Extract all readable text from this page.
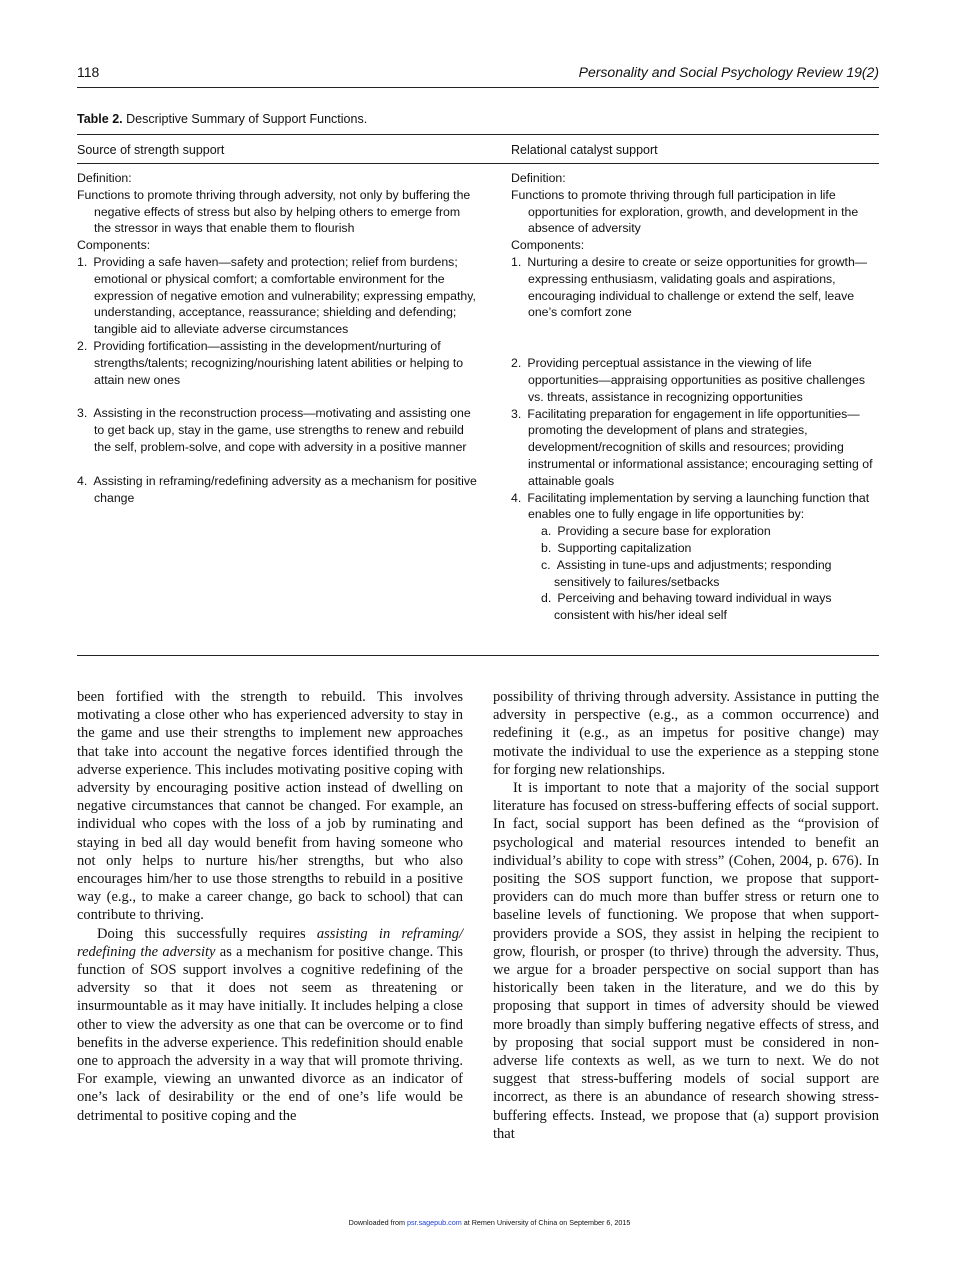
118	Personality and Social Psychology Review 19(2)
Table 2. Descriptive Summary of Support Functions.
Source of strength support	Relational catalyst support
Definition:
Functions to promote thriving through adversity, not only by buffering the negative effects of stress but also by helping others to emerge from the stressor in ways that enable them to flourish
Components:
1. Providing a safe haven—safety and protection; relief from burdens; emotional or physical comfort; a comfortable environment for the expression of negative emotion and vulnerability; expressing empathy, understanding, acceptance, reassurance; shielding and defending; tangible aid to alleviate adverse circumstances
2. Providing fortification—assisting in the development/nurturing of strengths/talents; recognizing/nourishing latent abilities or helping to attain new ones
3. Assisting in the reconstruction process—motivating and assisting one to get back up, stay in the game, use strengths to renew and rebuild the self, problem-solve, and cope with adversity in a positive manner
4. Assisting in reframing/redefining adversity as a mechanism for positive change
Definition:
Functions to promote thriving through full participation in life opportunities for exploration, growth, and development in the absence of adversity
Components:
1. Nurturing a desire to create or seize opportunities for growth—expressing enthusiasm, validating goals and aspirations, encouraging individual to challenge or extend the self, leave one’s comfort zone
2. Providing perceptual assistance in the viewing of life opportunities—appraising opportunities as positive challenges vs. threats, assistance in recognizing opportunities
3. Facilitating preparation for engagement in life opportunities—promoting the development of plans and strategies, development/recognition of skills and resources; providing instrumental or informational assistance; encouraging setting of attainable goals
4. Facilitating implementation by serving a launching function that enables one to fully engage in life opportunities by:
a. Providing a secure base for exploration
b. Supporting capitalization
c. Assisting in tune-ups and adjustments; responding sensitively to failures/setbacks
d. Perceiving and behaving toward individual in ways consistent with his/her ideal self

been fortified with the strength to rebuild. This involves motivating a close other who has experienced adversity to stay in the game and use their strengths to implement new approaches that take into account the negative forces identified through the adverse experience. This includes motivating positive coping with adversity by encouraging positive action instead of dwelling on negative circumstances that cannot be changed. For example, an individual who copes with the loss of a job by ruminating and staying in bed all day would benefit from having someone who not only helps to nurture his/her strengths, but who also encourages him/her to use those strengths to rebuild in a positive way (e.g., to make a career change, go back to school) that can contribute to thriving.

Doing this successfully requires assisting in reframing/ redefining the adversity as a mechanism for positive change. This function of SOS support involves a cognitive redefining of the adversity so that it does not seem as threatening or insurmountable as it may have initially. It includes helping a close other to view the adversity as one that can be overcome or to find benefits in the adverse experience. This redefinition should enable one to approach the adversity in a way that will promote thriving. For example, viewing an unwanted divorce as an indicator of one’s lack of desirability or the end of one’s life would be detrimental to positive coping and the

possibility of thriving through adversity. Assistance in putting the adversity in perspective (e.g., as a common occurrence) and redefining it (e.g., as an impetus for positive change) may motivate the individual to use the experience as a stepping stone for forging new relationships.

It is important to note that a majority of the social support literature has focused on stress-buffering effects of social support. In fact, social support has been defined as the “provision of psychological and material resources intended to benefit an individual’s ability to cope with stress” (Cohen, 2004, p. 676). In positing the SOS support function, we propose that support-providers can do much more than buffer stress or return one to baseline levels of functioning. We propose that when support-providers provide a SOS, they assist in helping the recipient to grow, flourish, or prosper (to thrive) through the adversity. Thus, we argue for a broader perspective on social support than has historically been taken in the literature, and we do this by proposing that support in times of adversity should be viewed more broadly than simply buffering negative effects of stress, and by proposing that social support must be considered in non-adverse life contexts as well, as we turn to next. We do not suggest that stress-buffering models of social support are incorrect, as there is an abundance of research showing stress-buffering effects. Instead, we propose that (a) support provision that

Downloaded from psr.sagepub.com at Remen University of China on September 6, 2015
